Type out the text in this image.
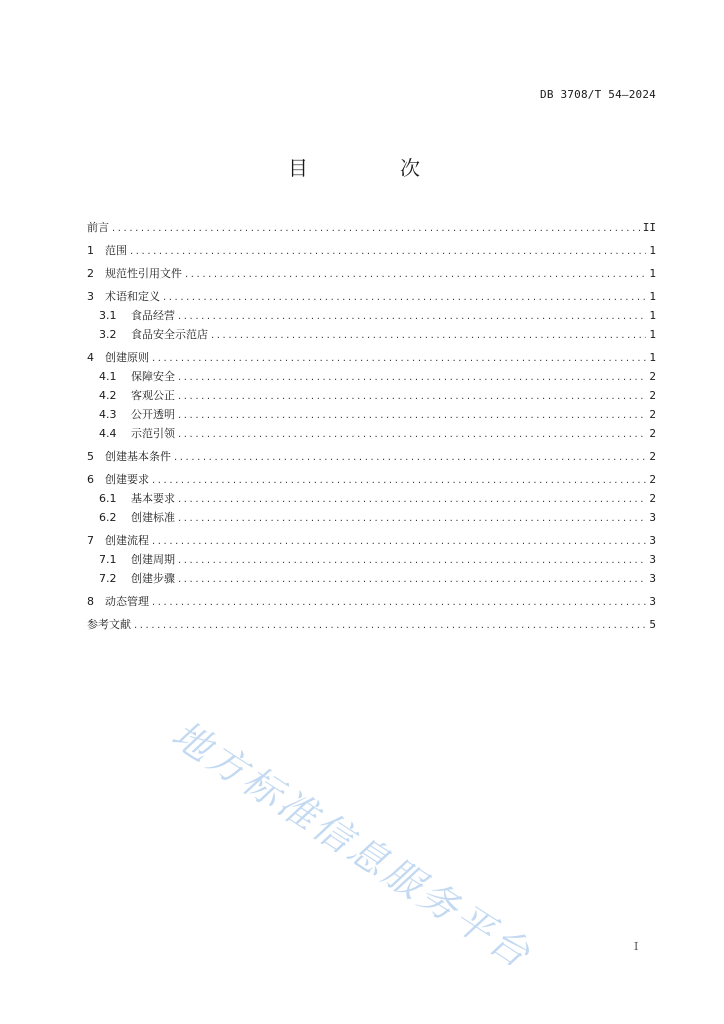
DB 3708/T 54—2024
目　次
前言 .....	II
1	范围 .....	1
2	规范性引用文件 .....	1
3	术语和定义 .....	1
3.1	食品经营 .....	1
3.2	食品安全示范店 .....	1
4	创建原则 .....	1
4.1	保障安全 .....	2
4.2	客观公正 .....	2
4.3	公开透明 .....	2
4.4	示范引领 .....	2
5	创建基本条件 .....	2
6	创建要求 .....	2
6.1	基本要求 .....	2
6.2	创建标准 .....	3
7	创建流程 .....	3
7.1	创建周期 .....	3
7.2	创建步骤 .....	3
8	动态管理 .....	3
参考文献 .....	5
地方标准信息服务平台	I
